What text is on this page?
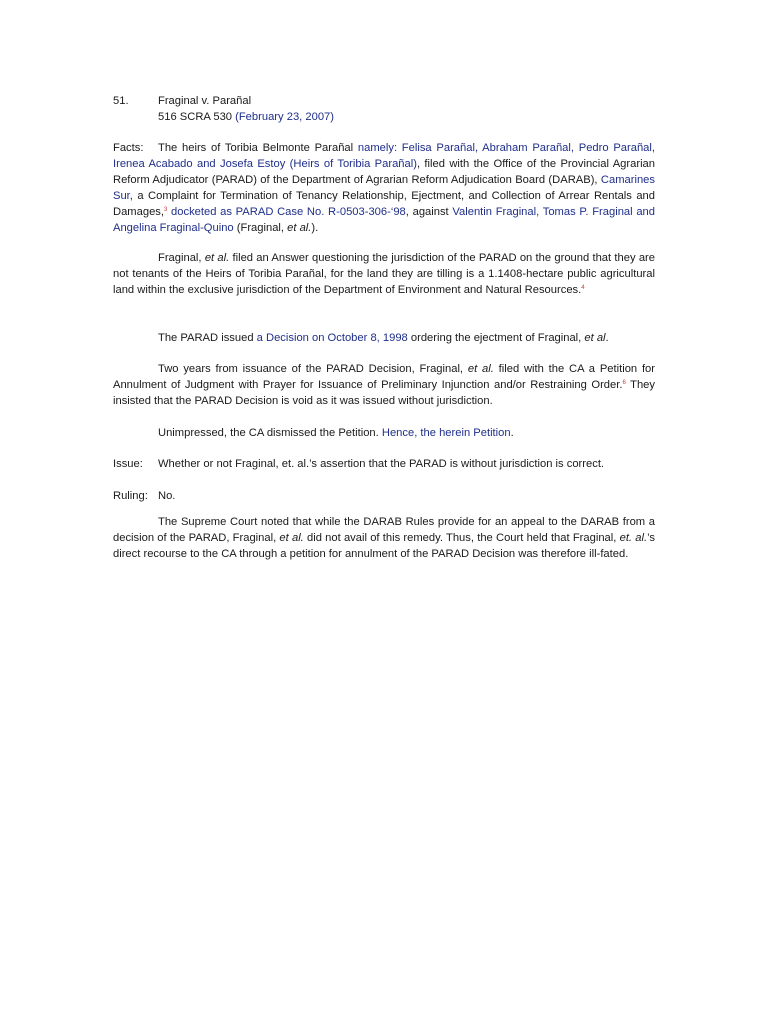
51.	Fraginal v. Parañal
516 SCRA 530 (February 23, 2007)
Facts: The heirs of Toribia Belmonte Parañal namely: Felisa Parañal, Abraham Parañal, Pedro Parañal, Irenea Acabado and Josefa Estoy (Heirs of Toribia Parañal), filed with the Office of the Provincial Agrarian Reform Adjudicator (PARAD) of the Department of Agrarian Reform Adjudication Board (DARAB), Camarines Sur, a Complaint for Termination of Tenancy Relationship, Ejectment, and Collection of Arrear Rentals and Damages,$^3$ docketed as PARAD Case No. R-0503-306-‘98, against Valentin Fraginal, Tomas P. Fraginal and Angelina Fraginal-Quino (Fraginal, et al.).
Fraginal, et al. filed an Answer questioning the jurisdiction of the PARAD on the ground that they are not tenants of the Heirs of Toribia Parañal, for the land they are tilling is a 1.1408-hectare public agricultural land within the exclusive jurisdiction of the Department of Environment and Natural Resources.$^4$
The PARAD issued a Decision on October 8, 1998 ordering the ejectment of Fraginal, et al.
Two years from issuance of the PARAD Decision, Fraginal, et al. filed with the CA a Petition for Annulment of Judgment with Prayer for Issuance of Preliminary Injunction and/or Restraining Order.$^6$ They insisted that the PARAD Decision is void as it was issued without jurisdiction.
Unimpressed, the CA dismissed the Petition. Hence, the herein Petition.
Issue: Whether or not Fraginal, et. al.’s assertion that the PARAD is without jurisdiction is correct.
Ruling: No.
The Supreme Court noted that while the DARAB Rules provide for an appeal to the DARAB from a decision of the PARAD, Fraginal, et al. did not avail of this remedy. Thus, the Court held that Fraginal, et. al.’s direct recourse to the CA through a petition for annulment of the PARAD Decision was therefore ill-fated.
